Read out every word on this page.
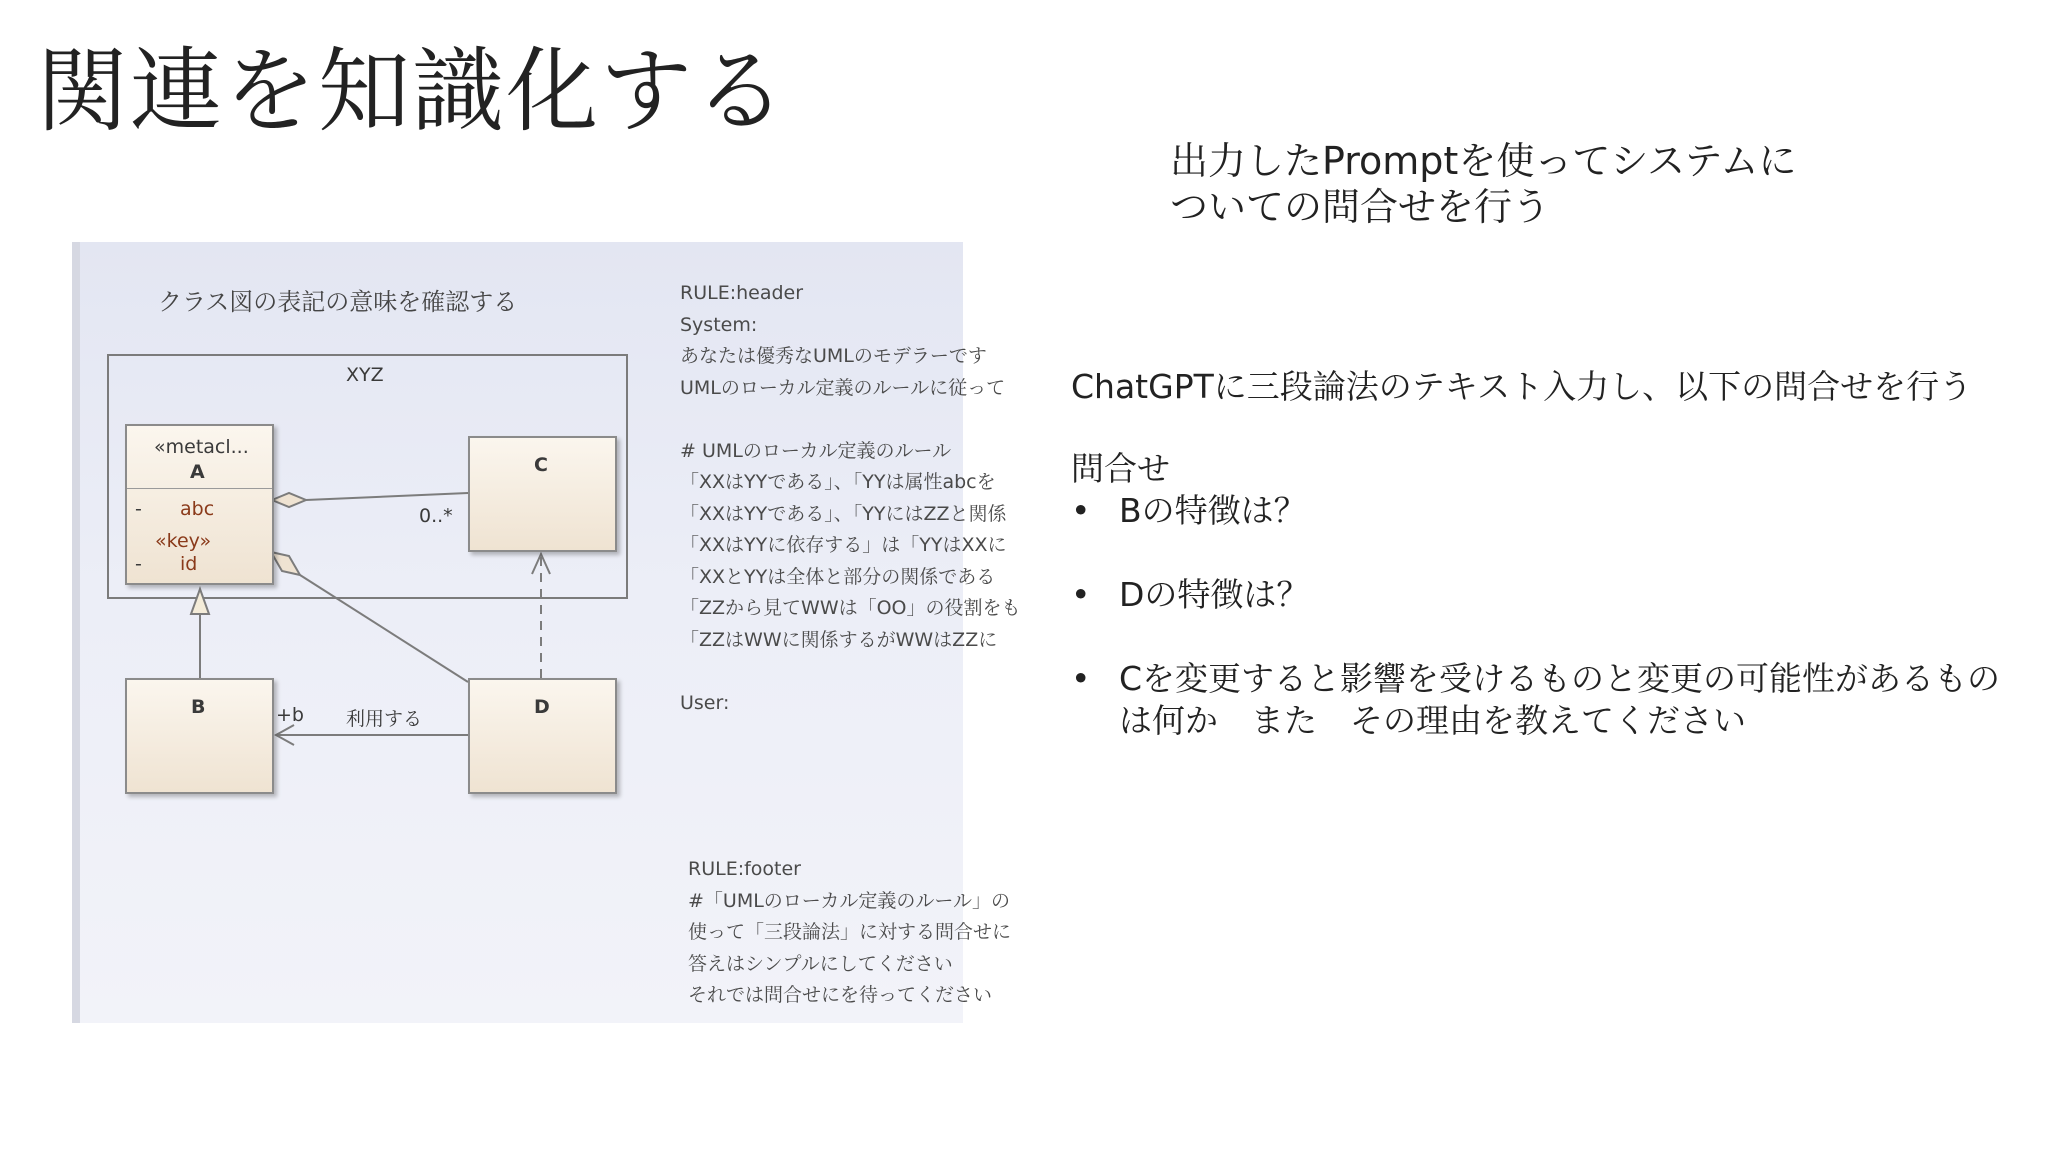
関連を知識化する
出力したPromptを使ってシステムに
ついての問合せを行う
クラス図の表記の意味を確認する
XYZ
«metacl...
A
- abc
«key»
- id
C
B	D
0..*
+b 利用する
RULE:header
System:
あなたは優秀なUMLのモデラーです
UMLのローカル定義のルールに従って

# UMLのローカル定義のルール
「XXはYYである」、「YYは属性abcを
「XXはYYである」、「YYにはZZと関係
「XXはYYに依存する」は「YYはXXに
「XXとYYは全体と部分の関係である
「ZZから見てWWは「OO」の役割をも
「ZZはWWに関係するがWWはZZに

User:
RULE:footer
#「UMLのローカル定義のルール」の
使って「三段論法」に対する問合せに
答えはシンプルにしてください
それでは問合せにを待ってください
ChatGPTに三段論法のテキスト入力し、以下の問合せを行う
問合せ
• Bの特徴は？
• Dの特徴は？
• Cを変更すると影響を受けるものと変更の可能性があるものは何か　また　その理由を教えてください
